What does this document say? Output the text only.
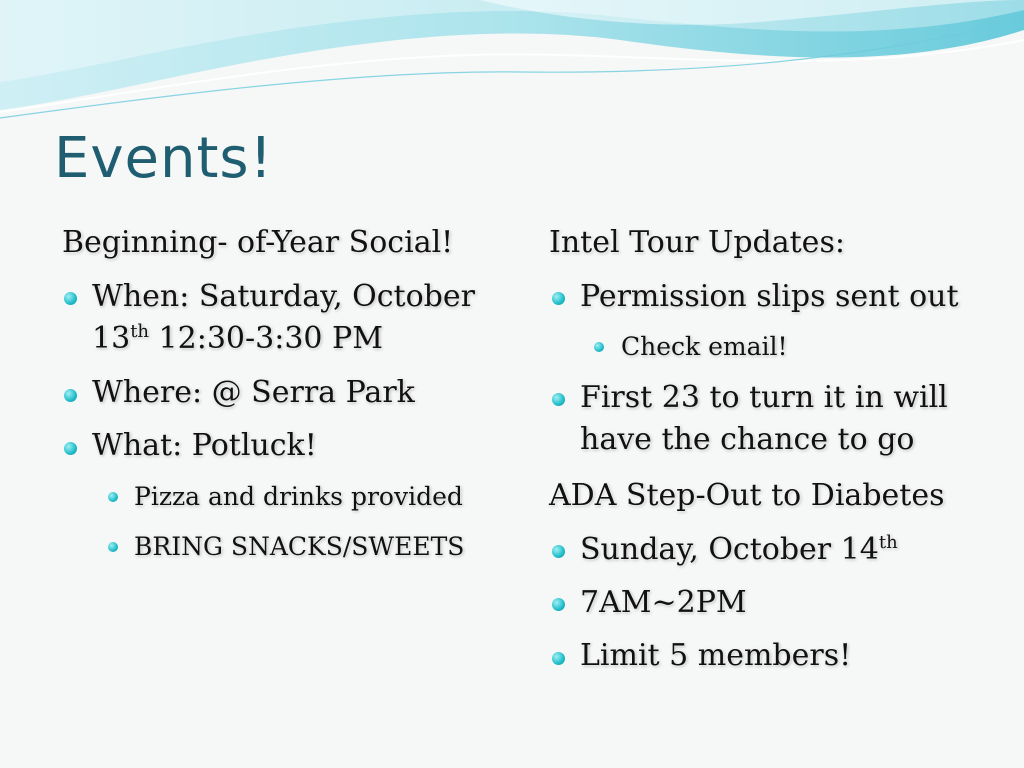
Events!
Beginning- of-Year Social!
When: Saturday, October
13th 12:30-3:30 PM
Where: @ Serra Park
What: Potluck!
Pizza and drinks provided
BRING SNACKS/SWEETS
Intel Tour Updates:
Permission slips sent out
Check email!
First 23 to turn it in will
have the chance to go
ADA Step-Out to Diabetes
Sunday, October 14th
7AM~2PM
Limit 5 members!
